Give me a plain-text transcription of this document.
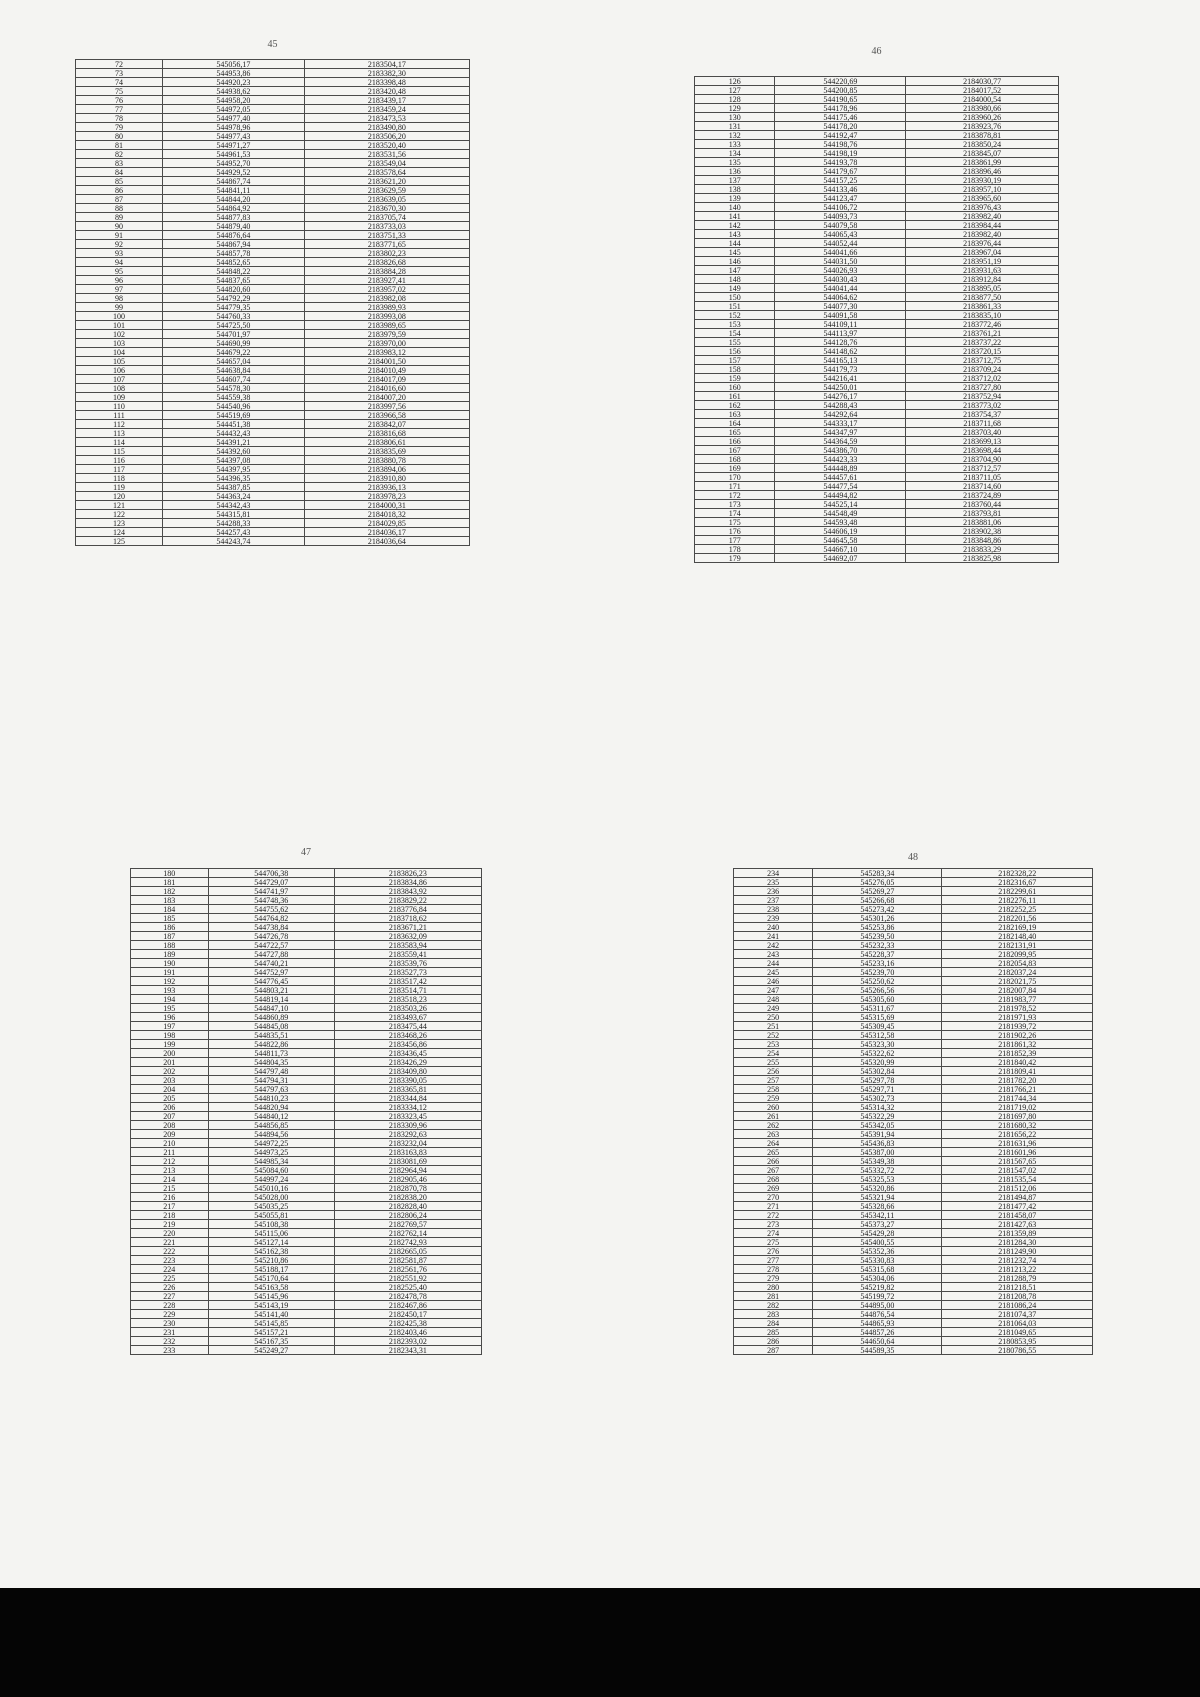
45
72	545056,17	2183504,17
73	544953,86	2183382,30
74	544920,23	2183398,48
75	544938,62	2183420,48
76	544958,20	2183439,17
77	544972,05	2183459,24
78	544977,40	2183473,53
79	544978,96	2183490,80
80	544977,43	2183506,20
81	544971,27	2183520,40
82	544961,53	2183531,56
83	544952,70	2183549,04
84	544929,52	2183578,64
85	544867,74	2183621,20
86	544841,11	2183629,59
87	544844,20	2183639,05
88	544864,92	2183670,30
89	544877,83	2183705,74
90	544879,40	2183733,03
91	544876,64	2183751,33
92	544867,94	2183771,65
93	544857,78	2183802,23
94	544852,65	2183826,68
95	544848,22	2183884,28
96	544837,65	2183927,41
97	544820,60	2183957,02
98	544792,29	2183982,08
99	544779,35	2183989,93
100	544760,33	2183993,08
101	544725,50	2183989,65
102	544701,97	2183979,59
103	544690,99	2183970,00
104	544679,22	2183983,12
105	544657,04	2184001,50
106	544638,84	2184010,49
107	544607,74	2184017,09
108	544578,30	2184016,60
109	544559,38	2184007,20
110	544540,96	2183997,56
111	544519,69	2183966,58
112	544451,38	2183842,07
113	544432,43	2183816,68
114	544391,21	2183806,61
115	544392,60	2183835,69
116	544397,08	2183880,78
117	544397,95	2183894,06
118	544396,35	2183910,80
119	544387,85	2183936,13
120	544363,24	2183978,23
121	544342,43	2184000,31
122	544315,81	2184018,32
123	544288,33	2184029,85
124	544257,43	2184036,17
125	544243,74	2184036,64
46
126	544220,69	2184030,77
127	544200,85	2184017,52
128	544190,65	2184000,54
129	544178,96	2183980,66
130	544175,46	2183960,26
131	544178,20	2183923,76
132	544192,47	2183878,81
133	544198,76	2183850,24
134	544198,19	2183845,07
135	544193,78	2183861,99
136	544179,67	2183896,46
137	544157,25	2183930,19
138	544133,46	2183957,10
139	544123,47	2183965,60
140	544106,72	2183976,43
141	544093,73	2183982,40
142	544079,58	2183984,44
143	544065,43	2183982,40
144	544052,44	2183976,44
145	544041,66	2183967,04
146	544031,50	2183951,19
147	544026,93	2183931,63
148	544030,43	2183912,84
149	544041,44	2183895,05
150	544064,62	2183877,50
151	544077,30	2183861,33
152	544091,58	2183835,10
153	544109,11	2183772,46
154	544113,97	2183761,21
155	544128,76	2183737,22
156	544148,62	2183720,15
157	544165,13	2183712,75
158	544179,73	2183709,24
159	544216,41	2183712,02
160	544250,01	2183727,80
161	544276,17	2183752,94
162	544288,43	2183773,02
163	544292,64	2183754,37
164	544333,17	2183711,68
165	544347,97	2183703,40
166	544364,59	2183699,13
167	544386,70	2183698,44
168	544423,33	2183704,90
169	544448,89	2183712,57
170	544457,61	2183711,05
171	544477,54	2183714,60
172	544494,82	2183724,89
173	544525,14	2183760,44
174	544548,49	2183793,81
175	544593,48	2183881,06
176	544606,19	2183902,38
177	544645,58	2183848,86
178	544667,10	2183833,29
179	544692,07	2183825,98
47
180	544706,38	2183826,23
181	544729,07	2183834,86
182	544741,97	2183843,92
183	544748,36	2183829,22
184	544755,62	2183776,84
185	544764,82	2183718,62
186	544738,84	2183671,21
187	544726,78	2183632,09
188	544722,57	2183583,94
189	544727,88	2183559,41
190	544740,21	2183539,76
191	544752,97	2183527,73
192	544776,45	2183517,42
193	544803,21	2183514,71
194	544819,14	2183518,23
195	544847,10	2183503,26
196	544860,89	2183493,67
197	544845,08	2183475,44
198	544835,51	2183468,26
199	544822,86	2183456,86
200	544811,73	2183436,45
201	544804,35	2183426,29
202	544797,48	2183409,80
203	544794,31	2183390,05
204	544797,63	2183365,81
205	544810,23	2183344,84
206	544820,94	2183334,12
207	544840,12	2183323,45
208	544856,85	2183309,96
209	544894,56	2183292,63
210	544972,25	2183232,04
211	544973,25	2183163,83
212	544985,34	2183081,69
213	545084,60	2182964,94
214	544997,24	2182905,46
215	545010,16	2182870,78
216	545028,00	2182838,20
217	545035,25	2182828,40
218	545055,81	2182806,24
219	545108,38	2182769,57
220	545115,06	2182762,14
221	545127,14	2182742,93
222	545162,38	2182665,05
223	545210,86	2182581,87
224	545188,17	2182561,76
225	545170,64	2182551,92
226	545163,58	2182525,40
227	545145,96	2182478,78
228	545143,19	2182467,86
229	545141,40	2182450,17
230	545145,85	2182425,38
231	545157,21	2182403,46
232	545167,35	2182393,02
233	545249,27	2182343,31
48
234	545283,34	2182328,22
235	545276,05	2182316,67
236	545269,27	2182299,61
237	545266,68	2182276,11
238	545273,42	2182252,25
239	545301,26	2182201,56
240	545253,86	2182169,19
241	545239,50	2182148,40
242	545232,33	2182131,91
243	545228,37	2182099,95
244	545233,16	2182054,83
245	545239,70	2182037,24
246	545250,62	2182021,75
247	545266,56	2182007,84
248	545305,60	2181983,77
249	545311,67	2181978,52
250	545315,69	2181971,93
251	545309,45	2181939,72
252	545312,58	2181902,26
253	545323,30	2181861,32
254	545322,62	2181852,39
255	545320,99	2181840,42
256	545302,84	2181809,41
257	545297,78	2181782,20
258	545297,71	2181766,21
259	545302,73	2181744,34
260	545314,32	2181719,02
261	545322,29	2181697,80
262	545342,05	2181680,32
263	545391,94	2181656,22
264	545436,83	2181631,96
265	545387,00	2181601,96
266	545349,38	2181567,65
267	545332,72	2181547,02
268	545325,53	2181535,54
269	545320,86	2181512,06
270	545321,94	2181494,87
271	545328,66	2181477,42
272	545342,11	2181458,07
273	545373,27	2181427,63
274	545429,28	2181359,89
275	545400,55	2181284,30
276	545352,36	2181249,90
277	545330,83	2181232,74
278	545315,68	2181213,22
279	545304,06	2181288,79
280	545219,82	2181218,51
281	545199,72	2181208,78
282	544895,00	2181086,24
283	544876,54	2181074,37
284	544865,93	2181064,03
285	544857,26	2181049,65
286	544650,64	2180853,95
287	544589,35	2180786,55
